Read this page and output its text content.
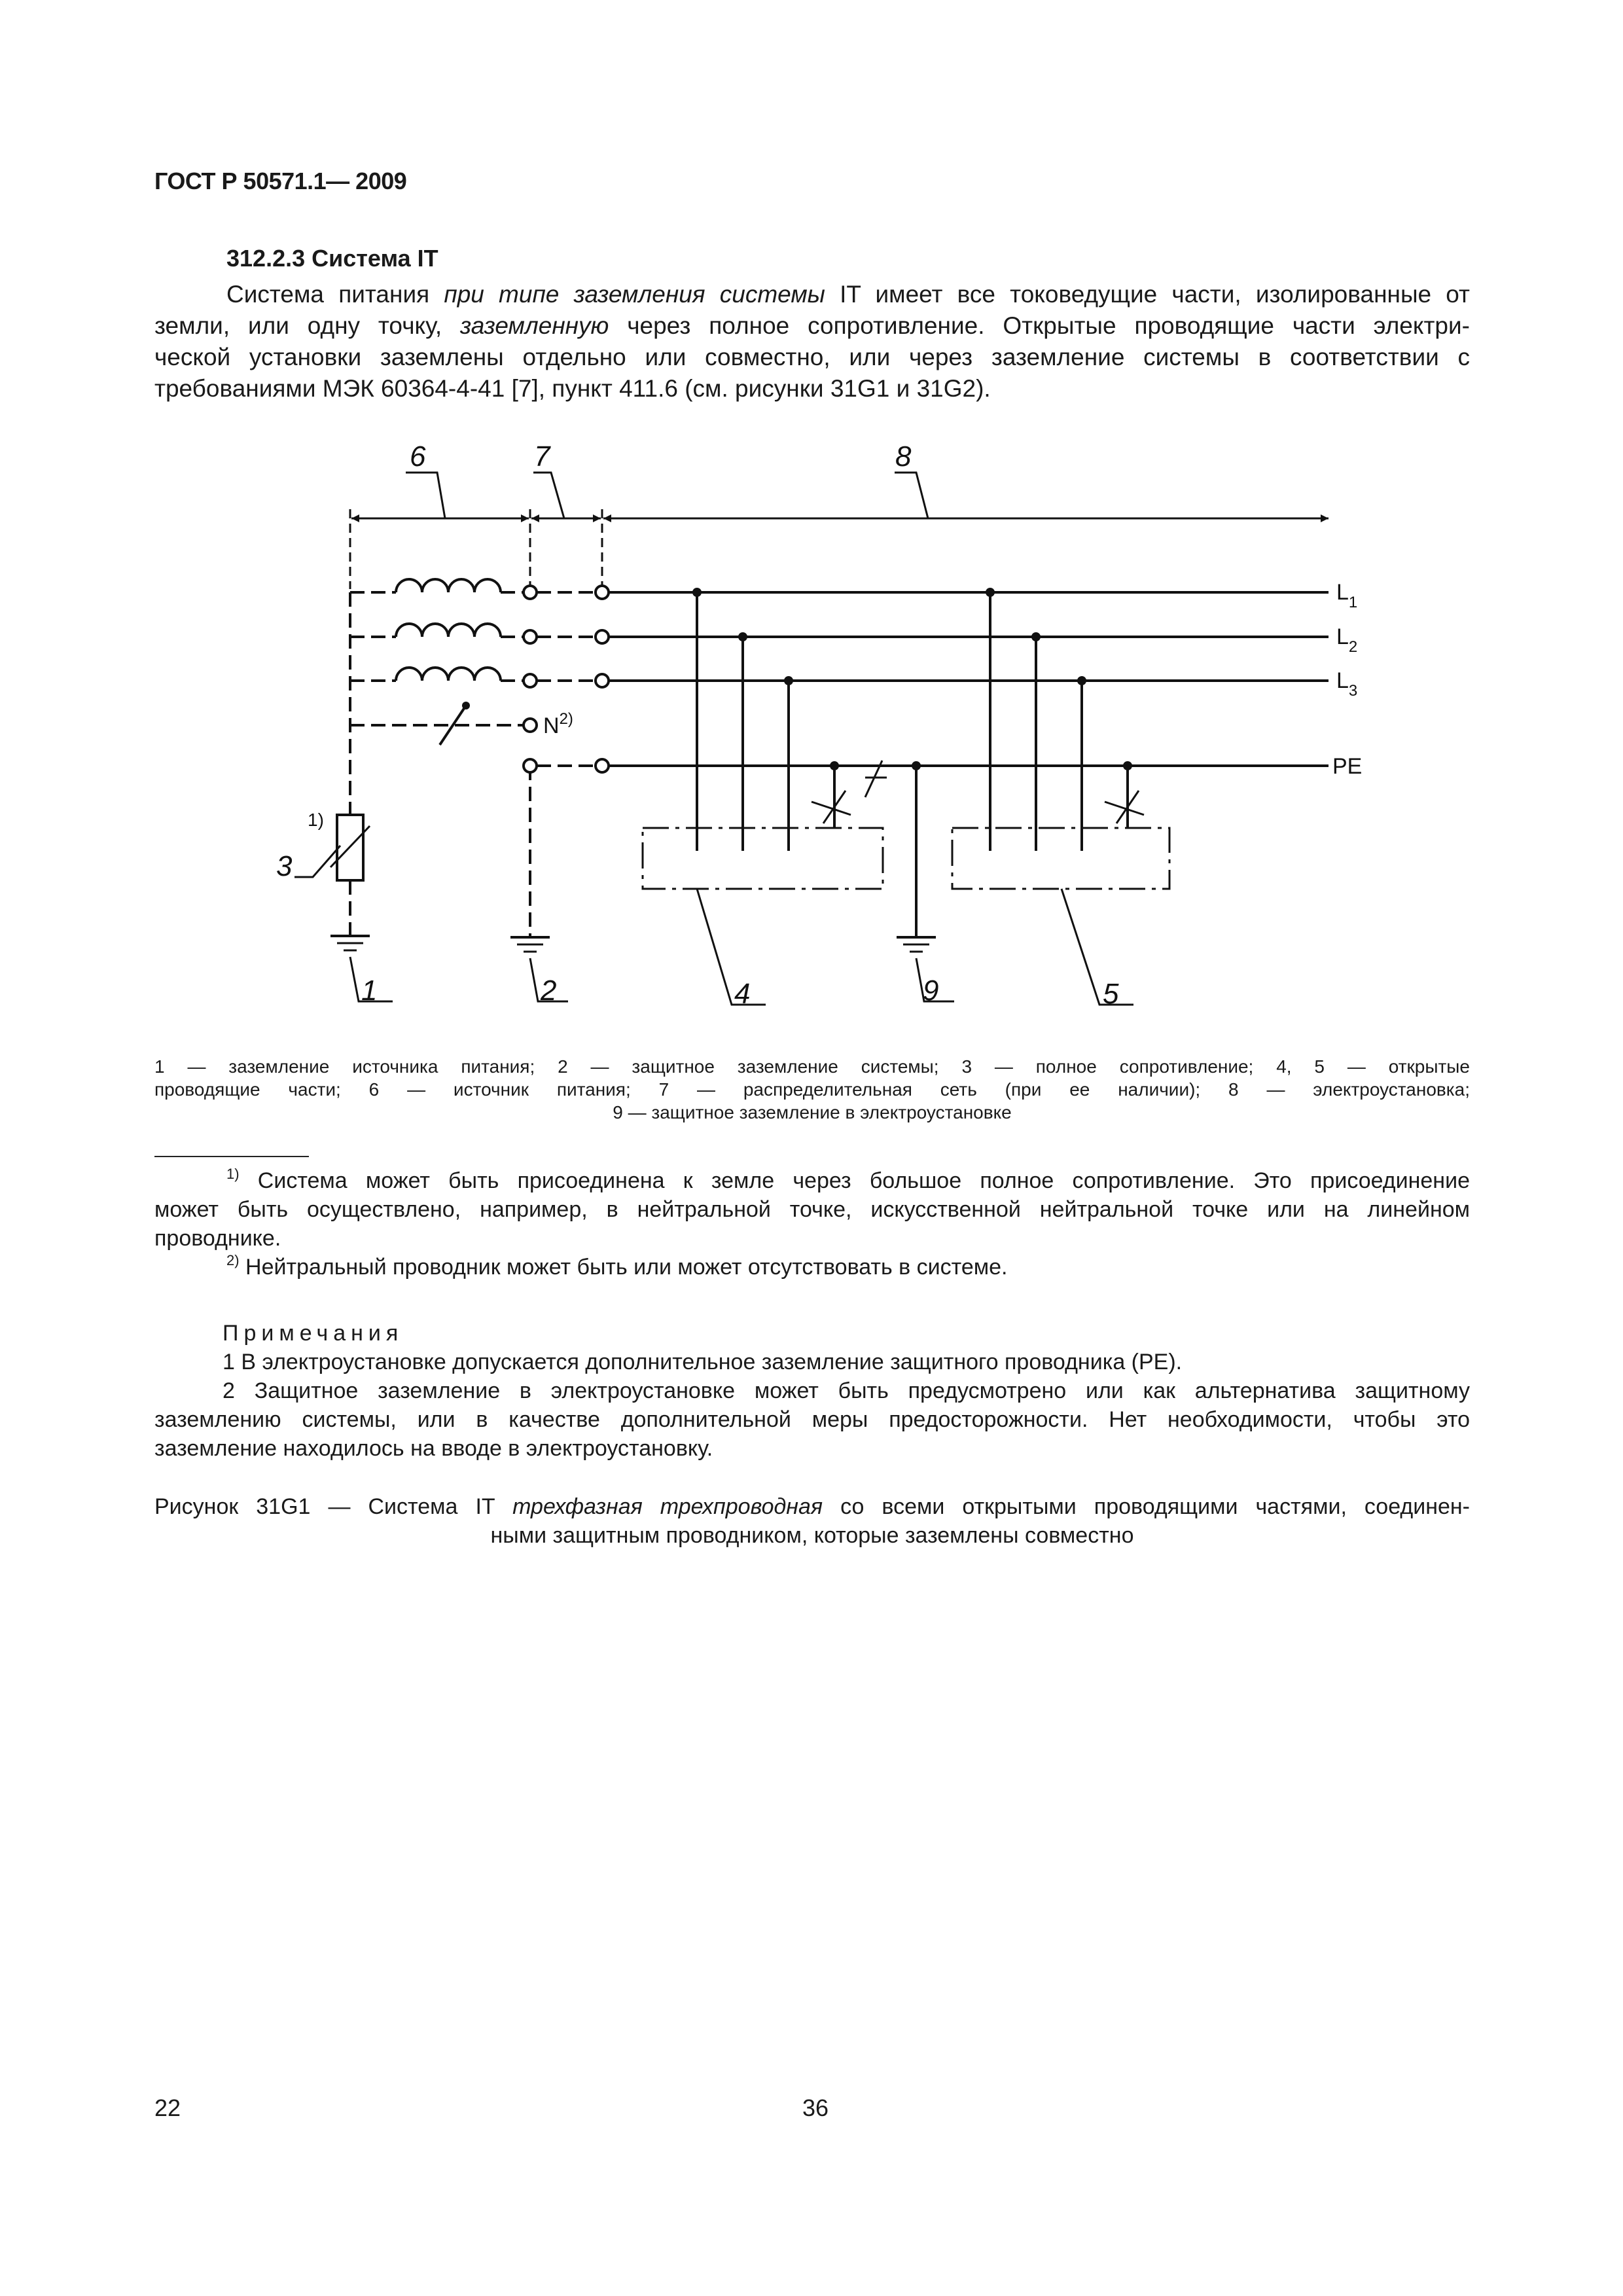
ГОСТ Р 50571.1— 2009
312.2.3 Система IT
Система питания при типе заземления системы IT имеет все токоведущие части, изолированные от
земли, или одну точку, заземленную через полное сопротивление. Открытые проводящие части электри-
ческой установки заземлены отдельно или совместно, или через заземление системы в соответствии с
требованиями МЭК 60364-4-41 [7], пункт 411.6 (см. рисунки 31G1 и 31G2).
6	7	8
1	2
3
4	5
9
$L_1$
$L_2$
$L_3$
PE
$N^{2)}$
1)
1 — заземление источника питания; 2 — защитное заземление системы; 3 — полное сопротивление; 4, 5 — открытые
проводящие части; 6 — источник питания; 7 — распределительная сеть (при ее наличии); 8 — электроустановка;
9 — защитное заземление в электроустановке
$^{1)}$ Система может быть присоединена к земле через большое полное сопротивление. Это присоединение
может быть осуществлено, например, в нейтральной точке, искусственной нейтральной точке или на линейном
проводнике.
$^{2)}$ Нейтральный проводник может быть или может отсутствовать в системе.
Примечания
1 В электроустановке допускается дополнительное заземление защитного проводника (PE).
2 Защитное заземление в электроустановке может быть предусмотрено или как альтернатива защитному
заземлению системы, или в качестве дополнительной меры предосторожности. Нет необходимости, чтобы это
заземление находилось на вводе в электроустановку.
Рисунок 31G1 — Система IT трехфазная трехпроводная со всеми открытыми проводящими частями, соединен-
ными защитным проводником, которые заземлены совместно
22	36
